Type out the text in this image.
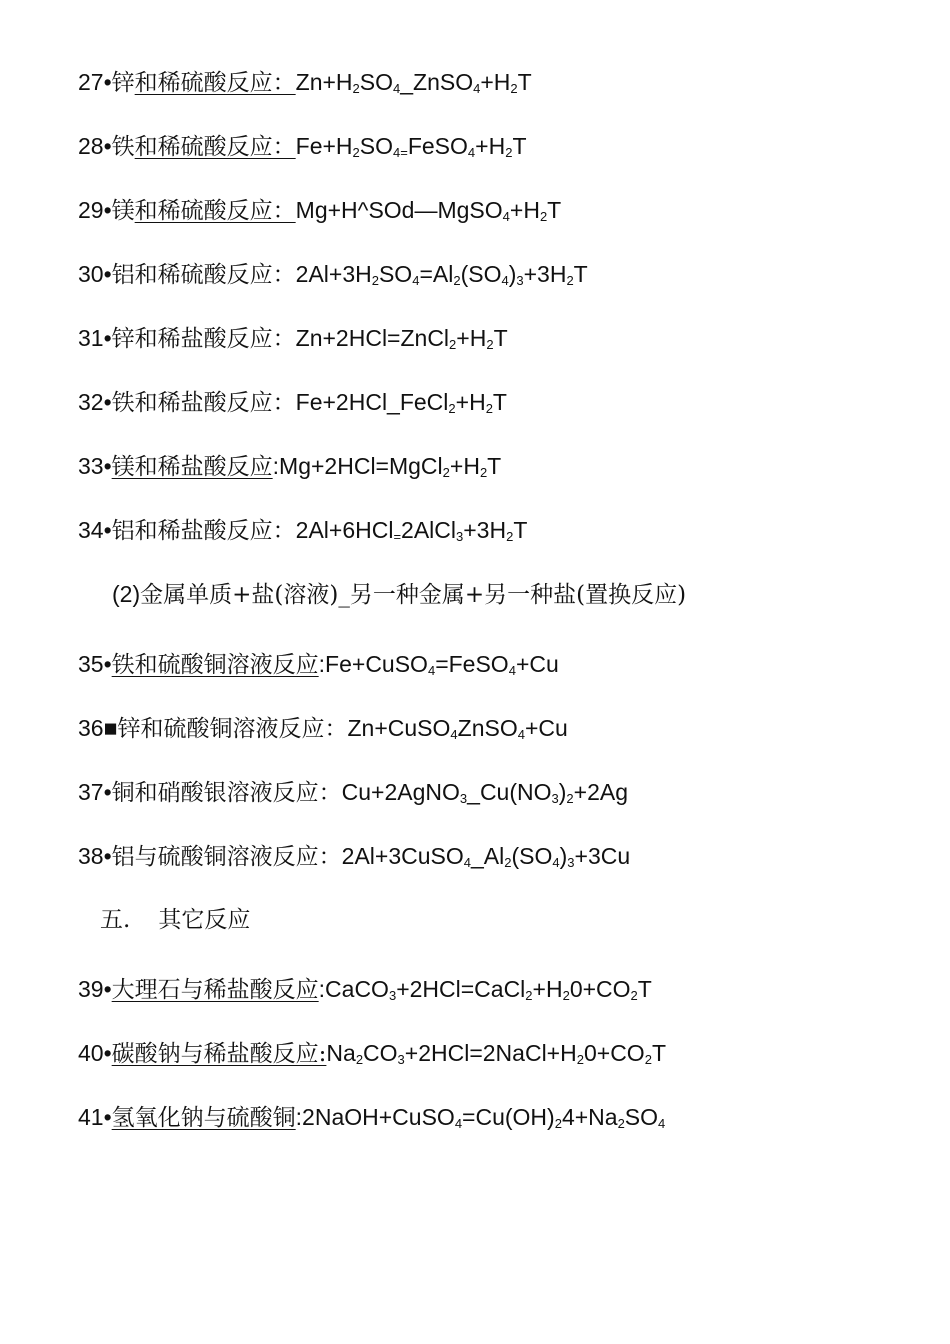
27•锌和稀硫酸反应：$Zn+H_2SO_4\_ZnSO_4+H_2T$
28•铁和稀硫酸反应：$Fe+H_2SO_{4=}FeSO_4+H_2T$
29•镁和稀硫酸反应：$Mg+H\^{}SOd—MgSO_4+H_2T$
30•铝和稀硫酸反应：$2Al+3H_2SO_4=Al_2(SO_4)_3+3H_2T$
31•锌和稀盐酸反应：$Zn+2HCl=ZnCl_2+H_2T$
32•铁和稀盐酸反应：$Fe+2HCl\_FeCl_2+H_2T$
33•镁和稀盐酸反应$:Mg+2HCl=MgCl_2+H_2T$
34•铝和稀盐酸反应：$2Al+6HCl_=2AlCl_3+3H_2T$
(2)金属单质+盐(溶液)_另一种金属+另一种盐(置换反应)
35•铁和硫酸铜溶液反应:Fe+CuSO$_4$=FeSO$_4$+Cu
36■锌和硫酸铜溶液反应：Zn+CuSO$_4$ZnSO$_4$+Cu
37•铜和硝酸银溶液反应：$Cu+2AgNO_3\_Cu(NO_3)_2+2Ag$
38•铝与硫酸铜溶液反应：$2Al+3CuSO_4\_Al_2(SO_4)_3+3Cu$
五. 其它反应
39•大理石与稀盐酸反应$:CaCO_3+2HCl=CaCl_2+H_20+CO_2T$
40•碳酸钠与稀盐酸反应$:Na_2CO_3+2HCl=2NaCl+H_20+CO_2T$
41•氢氧化钠与硫酸铜$:2NaOH+CuSO_4=Cu(OH)_24+Na_2SO_4$
